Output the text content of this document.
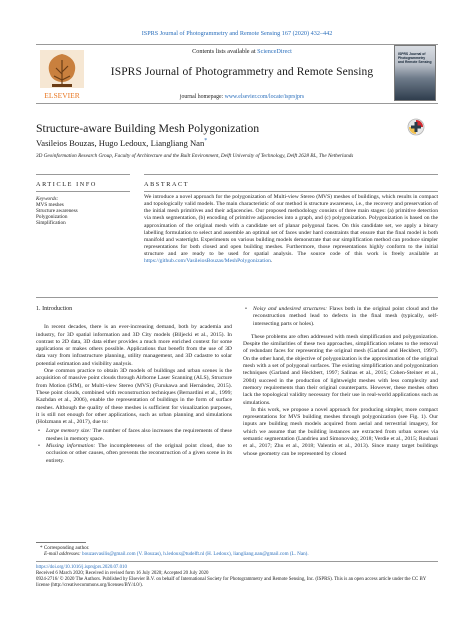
ISPRS Journal of Photogrammetry and Remote Sensing 167 (2020) 432–442
ELSEVIER
Contents lists available at ScienceDirect
ISPRS Journal of Photogrammetry and Remote Sensing
journal homepage: www.elsevier.com/locate/isprsjprs
ISPRS Journal of Photogrammetry and Remote Sensing
Structure-aware Building Mesh Polygonization
Vasileios Bouzas, Hugo Ledoux, Liangliang Nan*
3D Geoinformation Research Group, Faculty of Architecture and the Built Environment, Delft University of Technology, Delft 2628 BL, The Netherlands
ARTICLE INFO	ABSTRACT
Keywords:
MVS meshes
Structure awareness
Polygonization
Simplification
We introduce a novel approach for the polygonization of Multi-view Stereo (MVS) meshes of buildings, which results in compact and topologically valid models. The main characteristic of our method is structure awareness, i.e., the recovery and preservation of the initial mesh primitives and their adjacencies. Our proposed methodology consists of three main stages: (a) primitive detection via mesh segmentation, (b) encoding of primitive adjacencies into a graph, and (c) polygonization. Polygonization is based on the approximation of the original mesh with a candidate set of planar polygonal faces. On this candidate set, we apply a binary labelling formulation to select and assemble an optimal set of faces under hard constraints that ensure that the final model is both manifold and watertight. Experiments on various building models demonstrate that our simplification method can produce simpler representations for both closed and open building meshes. Furthermore, those representations highly conform to the initial structure and are ready to be used for spatial analysis. The source code of this work is freely available at https://github.com/VasileiosBouzas/MeshPolygonization.
1. Introduction

In recent decades, there is an ever-increasing demand, both by academia and industry, for 3D spatial information and 3D City models (Biljecki et al., 2015). In contrast to 2D data, 3D data either provides a much more enriched context for some applications or makes others possible. Applications that benefit from the use of 3D data vary from infrastructure planning, utility management, and 3D cadastre to solar potential estimation and visibility analysis.

One common practice to obtain 3D models of buildings and urban scenes is the acquisition of massive point clouds through Airborne Laser Scanning (ALS), Structure from Motion (SfM), or Multi-view Stereo (MVS) (Furukawa and Hernández, 2015). These point clouds, combined with reconstruction techniques (Bernardini et al., 1999; Kazhdan et al., 2006), enable the representation of buildings in the form of surface meshes. Although the quality of these meshes is sufficient for visualization purposes, it is still not enough for other applications, such as urban planning and simulations (Holzmann et al., 2017), due to:

• Large memory size: The number of faces also increases the requirements of these meshes in memory space.
• Missing information: The incompleteness of the original point cloud, due to occlusion or other causes, often prevents the reconstruction of a given scene in its entirety.
• Noisy and undesired structures: Flaws both in the original point cloud and the reconstruction method lead to defects in the final mesh (typically, self-intersecting parts or holes).

These problems are often addressed with mesh simplification and polygonization. Despite the similarities of these two approaches, simplification relates to the removal of redundant faces for representing the original mesh (Garland and Heckbert, 1997). On the other hand, the objective of polygonization is the approximation of the original mesh with a set of polygonal surfaces. The existing simplification and polygonization techniques (Garland and Heckbert, 1997; Salinas et al., 2015; Cohen-Steiner et al., 2004) succeed in the production of lightweight meshes with less complexity and memory requirements than their original counterparts. However, these meshes often lack the topological validity necessary for their use in real-world applications such as simulations.

In this work, we propose a novel approach for producing simpler, more compact representations for MVS building meshes through polygonization (see Fig. 1). Our inputs are building mesh models acquired from aerial and terrestrial imagery, for which we assume that the building instances are extracted from urban scenes via semantic segmentation (Landrieu and Simonovsky, 2018; Verdie et al., 2015; Rouhani et al., 2017; Zhu et al., 2018; Valentin et al., 2013). Since many target buildings whose geometry can be represented by closed

* Corresponding author.
E-mail addresses: bouzasvasilis@gmail.com (V. Bouzas), h.ledoux@tudelft.nl (H. Ledoux), liangliang.nan@gmail.com (L. Nan).
https://doi.org/10.1016/j.isprsjprs.2020.07.010
Received 6 March 2020; Received in revised form 16 July 2020; Accepted 20 July 2020
0924-2716/ © 2020 The Authors. Published by Elsevier B.V. on behalf of International Society for Photogrammetry and Remote Sensing, Inc. (ISPRS). This is an open access article under the CC BY license (http://creativecommons.org/licenses/BY/4.0/).
